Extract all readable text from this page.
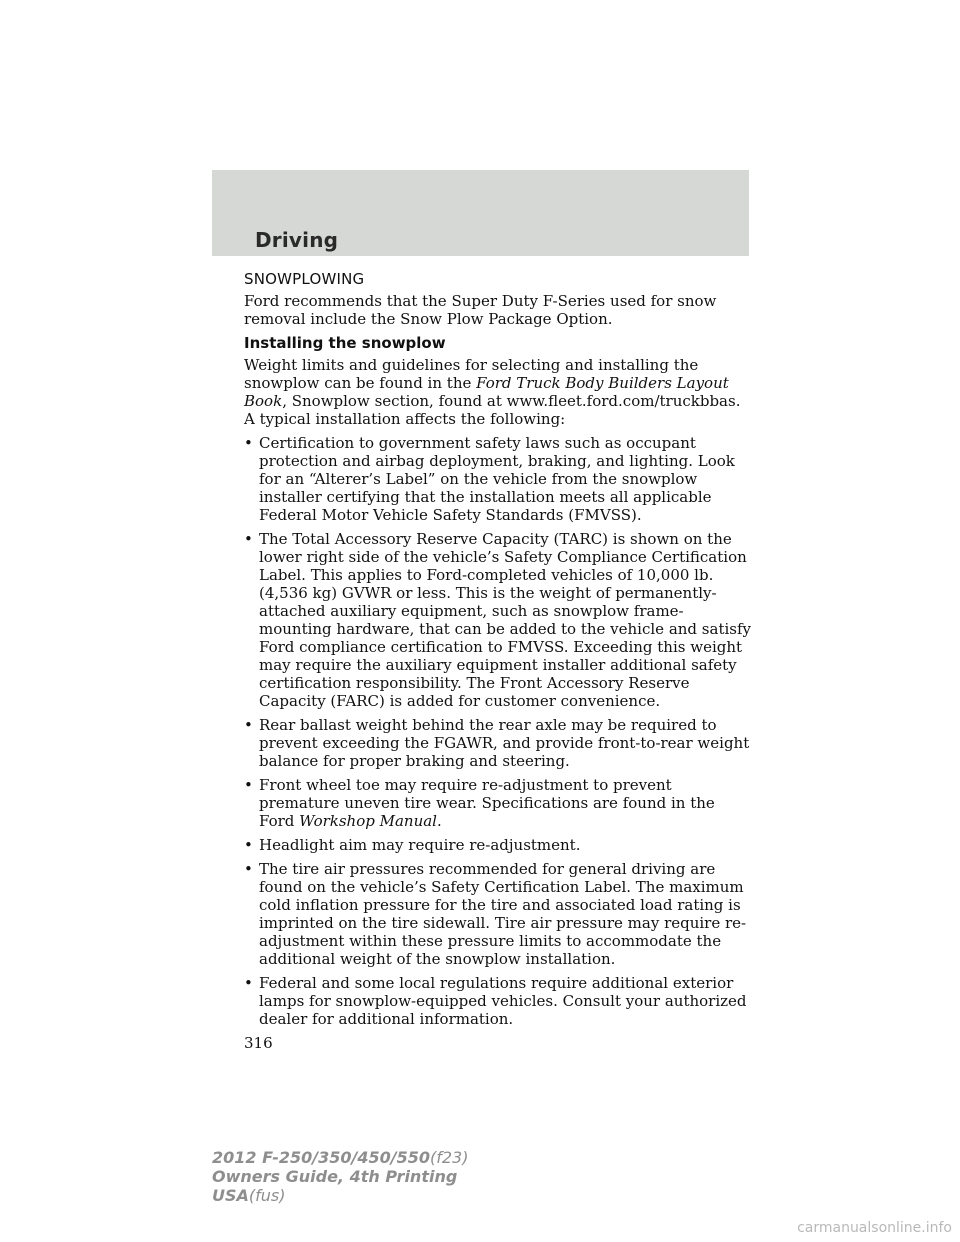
Driving
SNOWPLOWING

Ford recommends that the Super Duty F-Series used for snow removal include the Snow Plow Package Option.

Installing the snowplow

Weight limits and guidelines for selecting and installing the snowplow can be found in the Ford Truck Body Builders Layout Book, Snowplow section, found at www.fleet.ford.com/truckbbas. A typical installation affects the following:

• Certification to government safety laws such as occupant protection and airbag deployment, braking, and lighting. Look for an “Alterer’s Label” on the vehicle from the snowplow installer certifying that the installation meets all applicable Federal Motor Vehicle Safety Standards (FMVSS).
• The Total Accessory Reserve Capacity (TARC) is shown on the lower right side of the vehicle’s Safety Compliance Certification Label. This applies to Ford-completed vehicles of 10,000 lb. (4,536 kg) GVWR or less. This is the weight of permanently-attached auxiliary equipment, such as snowplow frame-mounting hardware, that can be added to the vehicle and satisfy Ford compliance certification to FMVSS. Exceeding this weight may require the auxiliary equipment installer additional safety certification responsibility. The Front Accessory Reserve Capacity (FARC) is added for customer convenience.
• Rear ballast weight behind the rear axle may be required to prevent exceeding the FGAWR, and provide front-to-rear weight balance for proper braking and steering.
• Front wheel toe may require re-adjustment to prevent premature uneven tire wear. Specifications are found in the Ford Workshop Manual.
• Headlight aim may require re-adjustment.
• The tire air pressures recommended for general driving are found on the vehicle’s Safety Certification Label. The maximum cold inflation pressure for the tire and associated load rating is imprinted on the tire sidewall. Tire air pressure may require re-adjustment within these pressure limits to accommodate the additional weight of the snowplow installation.
• Federal and some local regulations require additional exterior lamps for snowplow-equipped vehicles. Consult your authorized dealer for additional information.
316
2012 F-250/350/450/550(f23)
Owners Guide, 4th Printing
USA(fus)
carmanualsonline.info
